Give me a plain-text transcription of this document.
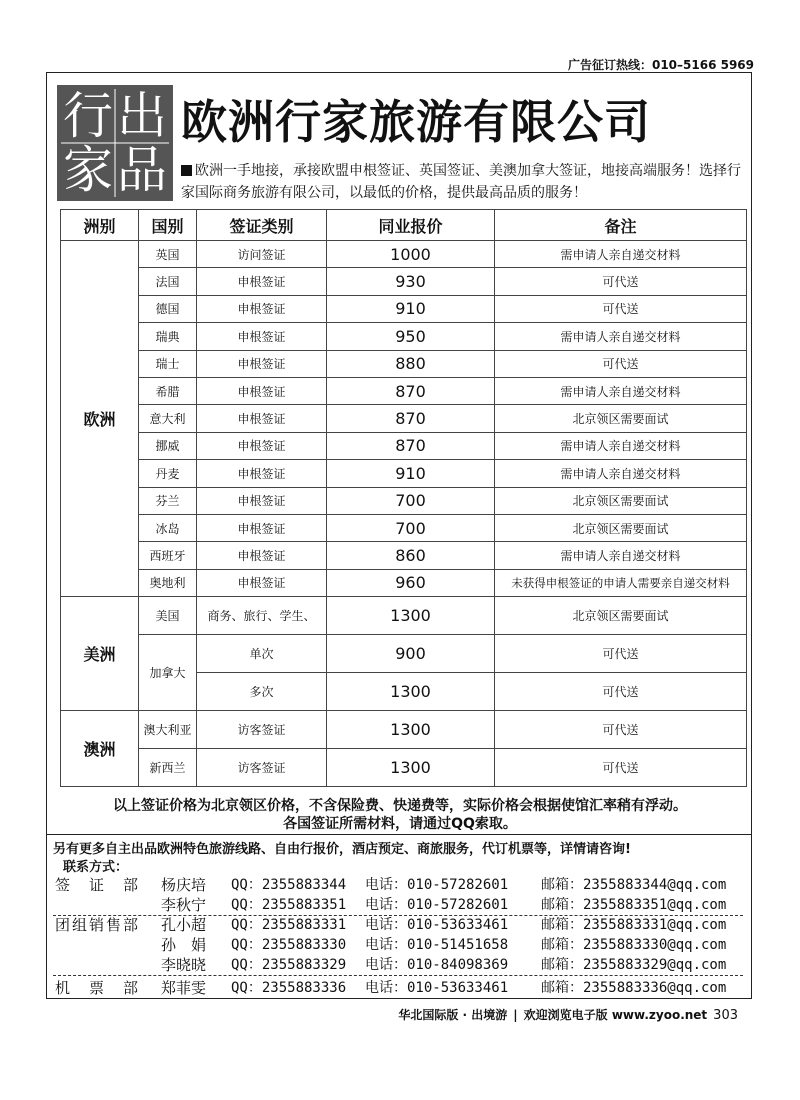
广告征订热线：010–5166 5969
行 出
家 品
欧洲行家旅游有限公司
欧洲一手地接，承接欧盟申根签证、英国签证、美澳加拿大签证，地接高端服务！选择行家国际商务旅游有限公司，以最低的价格，提供最高品质的服务！
洲别	国别	签证类别	同业报价	备注
欧洲	英国	访问签证	1000	需申请人亲自递交材料
	法国	申根签证	930	可代送
	德国	申根签证	910	可代送
	瑞典	申根签证	950	需申请人亲自递交材料
	瑞士	申根签证	880	可代送
	希腊	申根签证	870	需申请人亲自递交材料
	意大利	申根签证	870	北京领区需要面试
	挪威	申根签证	870	需申请人亲自递交材料
	丹麦	申根签证	910	需申请人亲自递交材料
	芬兰	申根签证	700	北京领区需要面试
	冰岛	申根签证	700	北京领区需要面试
	西班牙	申根签证	860	需申请人亲自递交材料
	奥地利	申根签证	960	未获得申根签证的申请人需要亲自递交材料
美洲	美国	商务、旅行、学生、	1300	北京领区需要面试
	加拿大	单次	900	可代送
		多次	1300	可代送
澳洲	澳大利亚	访客签证	1300	可代送
	新西兰	访客签证	1300	可代送
以上签证价格为北京领区价格，不含保险费、快递费等，实际价格会根据使馆汇率稍有浮动。
各国签证所需材料，请通过QQ索取。
另有更多自主出品欧洲特色旅游线路、自由行报价，酒店预定、商旅服务，代订机票等，详情请咨询!
联系方式：
签　证　部 杨庆培 QQ：2355883344 电话：010-57282601 邮箱：2355883344@qq.com
李秋宁 QQ：2355883351 电话：010-57282601 邮箱：2355883351@qq.com
团组销售部 孔小超 QQ：2355883331 电话：010-53633461 邮箱：2355883331@qq.com
孙　娟 QQ：2355883330 电话：010-51451658 邮箱：2355883330@qq.com
李晓晓 QQ：2355883329 电话：010-84098369 邮箱：2355883329@qq.com
机　票　部 郑菲雯 QQ：2355883336 电话：010-53633461 邮箱：2355883336@qq.com
华北国际版 · 出境游 | 欢迎浏览电子版 www.zyoo.net 303
